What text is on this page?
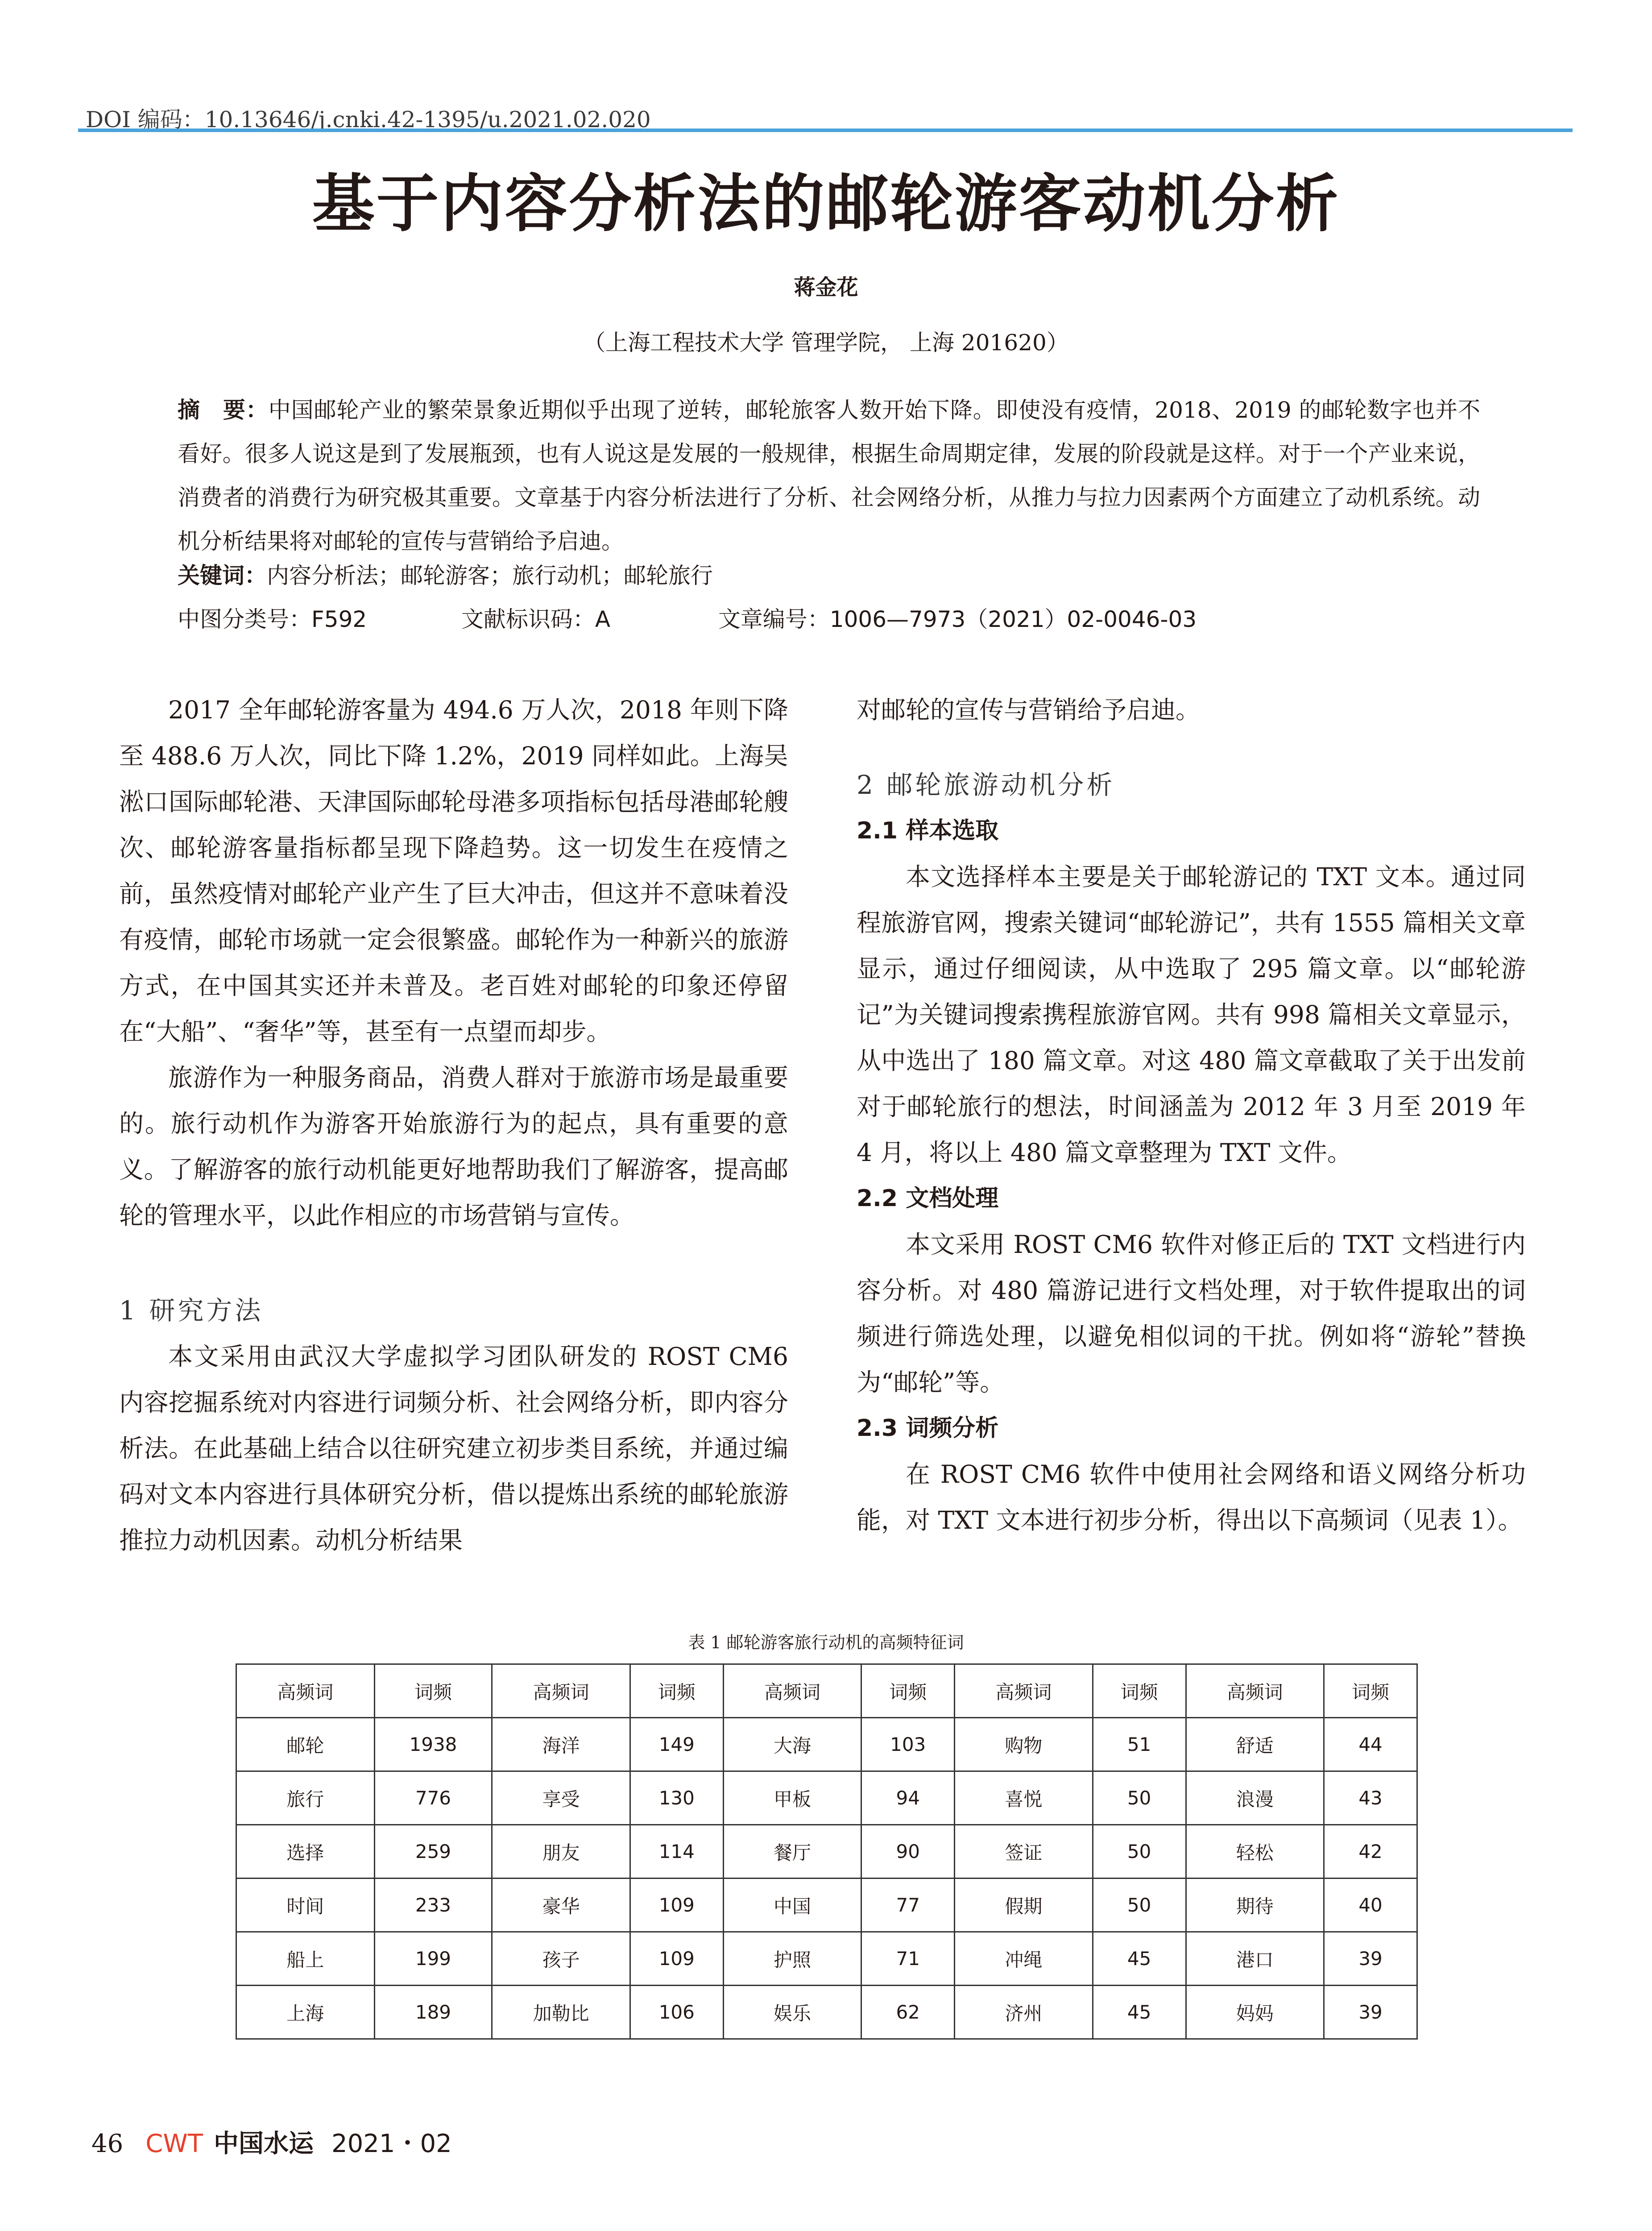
DOI 编码：10.13646/j.cnki.42-1395/u.2021.02.020
基于内容分析法的邮轮游客动机分析
蒋金花
（上海工程技术大学 管理学院， 上海 201620）
摘　要：中国邮轮产业的繁荣景象近期似乎出现了逆转，邮轮旅客人数开始下降。即使没有疫情，2018、2019 的邮轮数字也并不看好。很多人说这是到了发展瓶颈，也有人说这是发展的一般规律，根据生命周期定律，发展的阶段就是这样。对于一个产业来说，消费者的消费行为研究极其重要。文章基于内容分析法进行了分析、社会网络分析，从推力与拉力因素两个方面建立了动机系统。动机分析结果将对邮轮的宣传与营销给予启迪。
关键词：内容分析法；邮轮游客；旅行动机；邮轮旅行
中图分类号：F592	文献标识码：A	文章编号：1006—7973（2021）02-0046-03

2017 全年邮轮游客量为 494.6 万人次，2018 年则下降至 488.6 万人次，同比下降 1.2%，2019 同样如此。上海吴淞口国际邮轮港、天津国际邮轮母港多项指标包括母港邮轮艘次、邮轮游客量指标都呈现下降趋势。这一切发生在疫情之前，虽然疫情对邮轮产业产生了巨大冲击，但这并不意味着没有疫情，邮轮市场就一定会很繁盛。邮轮作为一种新兴的旅游方式，在中国其实还并未普及。老百姓对邮轮的印象还停留在“大船”、“奢华”等，甚至有一点望而却步。

旅游作为一种服务商品，消费人群对于旅游市场是最重要的。旅行动机作为游客开始旅游行为的起点，具有重要的意义。了解游客的旅行动机能更好地帮助我们了解游客，提高邮轮的管理水平，以此作相应的市场营销与宣传。

1 研究方法

本文采用由武汉大学虚拟学习团队研发的 ROST CM6 内容挖掘系统对内容进行词频分析、社会网络分析，即内容分析法。在此基础上结合以往研究建立初步类目系统，并通过编码对文本内容进行具体研究分析，借以提炼出系统的邮轮旅游推拉力动机因素。动机分析结果

对邮轮的宣传与营销给予启迪。

2 邮轮旅游动机分析
2.1 样本选取

本文选择样本主要是关于邮轮游记的 TXT 文本。通过同程旅游官网，搜索关键词“邮轮游记”，共有 1555 篇相关文章显示，通过仔细阅读，从中选取了 295 篇文章。以“邮轮游记”为关键词搜索携程旅游官网。共有 998 篇相关文章显示，从中选出了 180 篇文章。对这 480 篇文章截取了关于出发前对于邮轮旅行的想法，时间涵盖为 2012 年 3 月至 2019 年 4 月，将以上 480 篇文章整理为 TXT 文件。

2.2 文档处理

本文采用 ROST CM6 软件对修正后的 TXT 文档进行内容分析。对 480 篇游记进行文档处理，对于软件提取出的词频进行筛选处理，以避免相似词的干扰。例如将“游轮”替换为“邮轮”等。

2.3 词频分析

在 ROST CM6 软件中使用社会网络和语义网络分析功能，对 TXT 文本进行初步分析，得出以下高频词（见表 1）。

表 1 邮轮游客旅行动机的高频特征词
高频词	词频	高频词	词频	高频词	词频	高频词	词频	高频词	词频
邮轮	1938	海洋	149	大海	103	购物	51	舒适	44
旅行	776	享受	130	甲板	94	喜悦	50	浪漫	43
选择	259	朋友	114	餐厅	90	签证	50	轻松	42
时间	233	豪华	109	中国	77	假期	50	期待	40
船上	199	孩子	109	护照	71	冲绳	45	港口	39
上海	189	加勒比	106	娱乐	62	济州	45	妈妈	39
46 CWT 中国水运 2021・02
